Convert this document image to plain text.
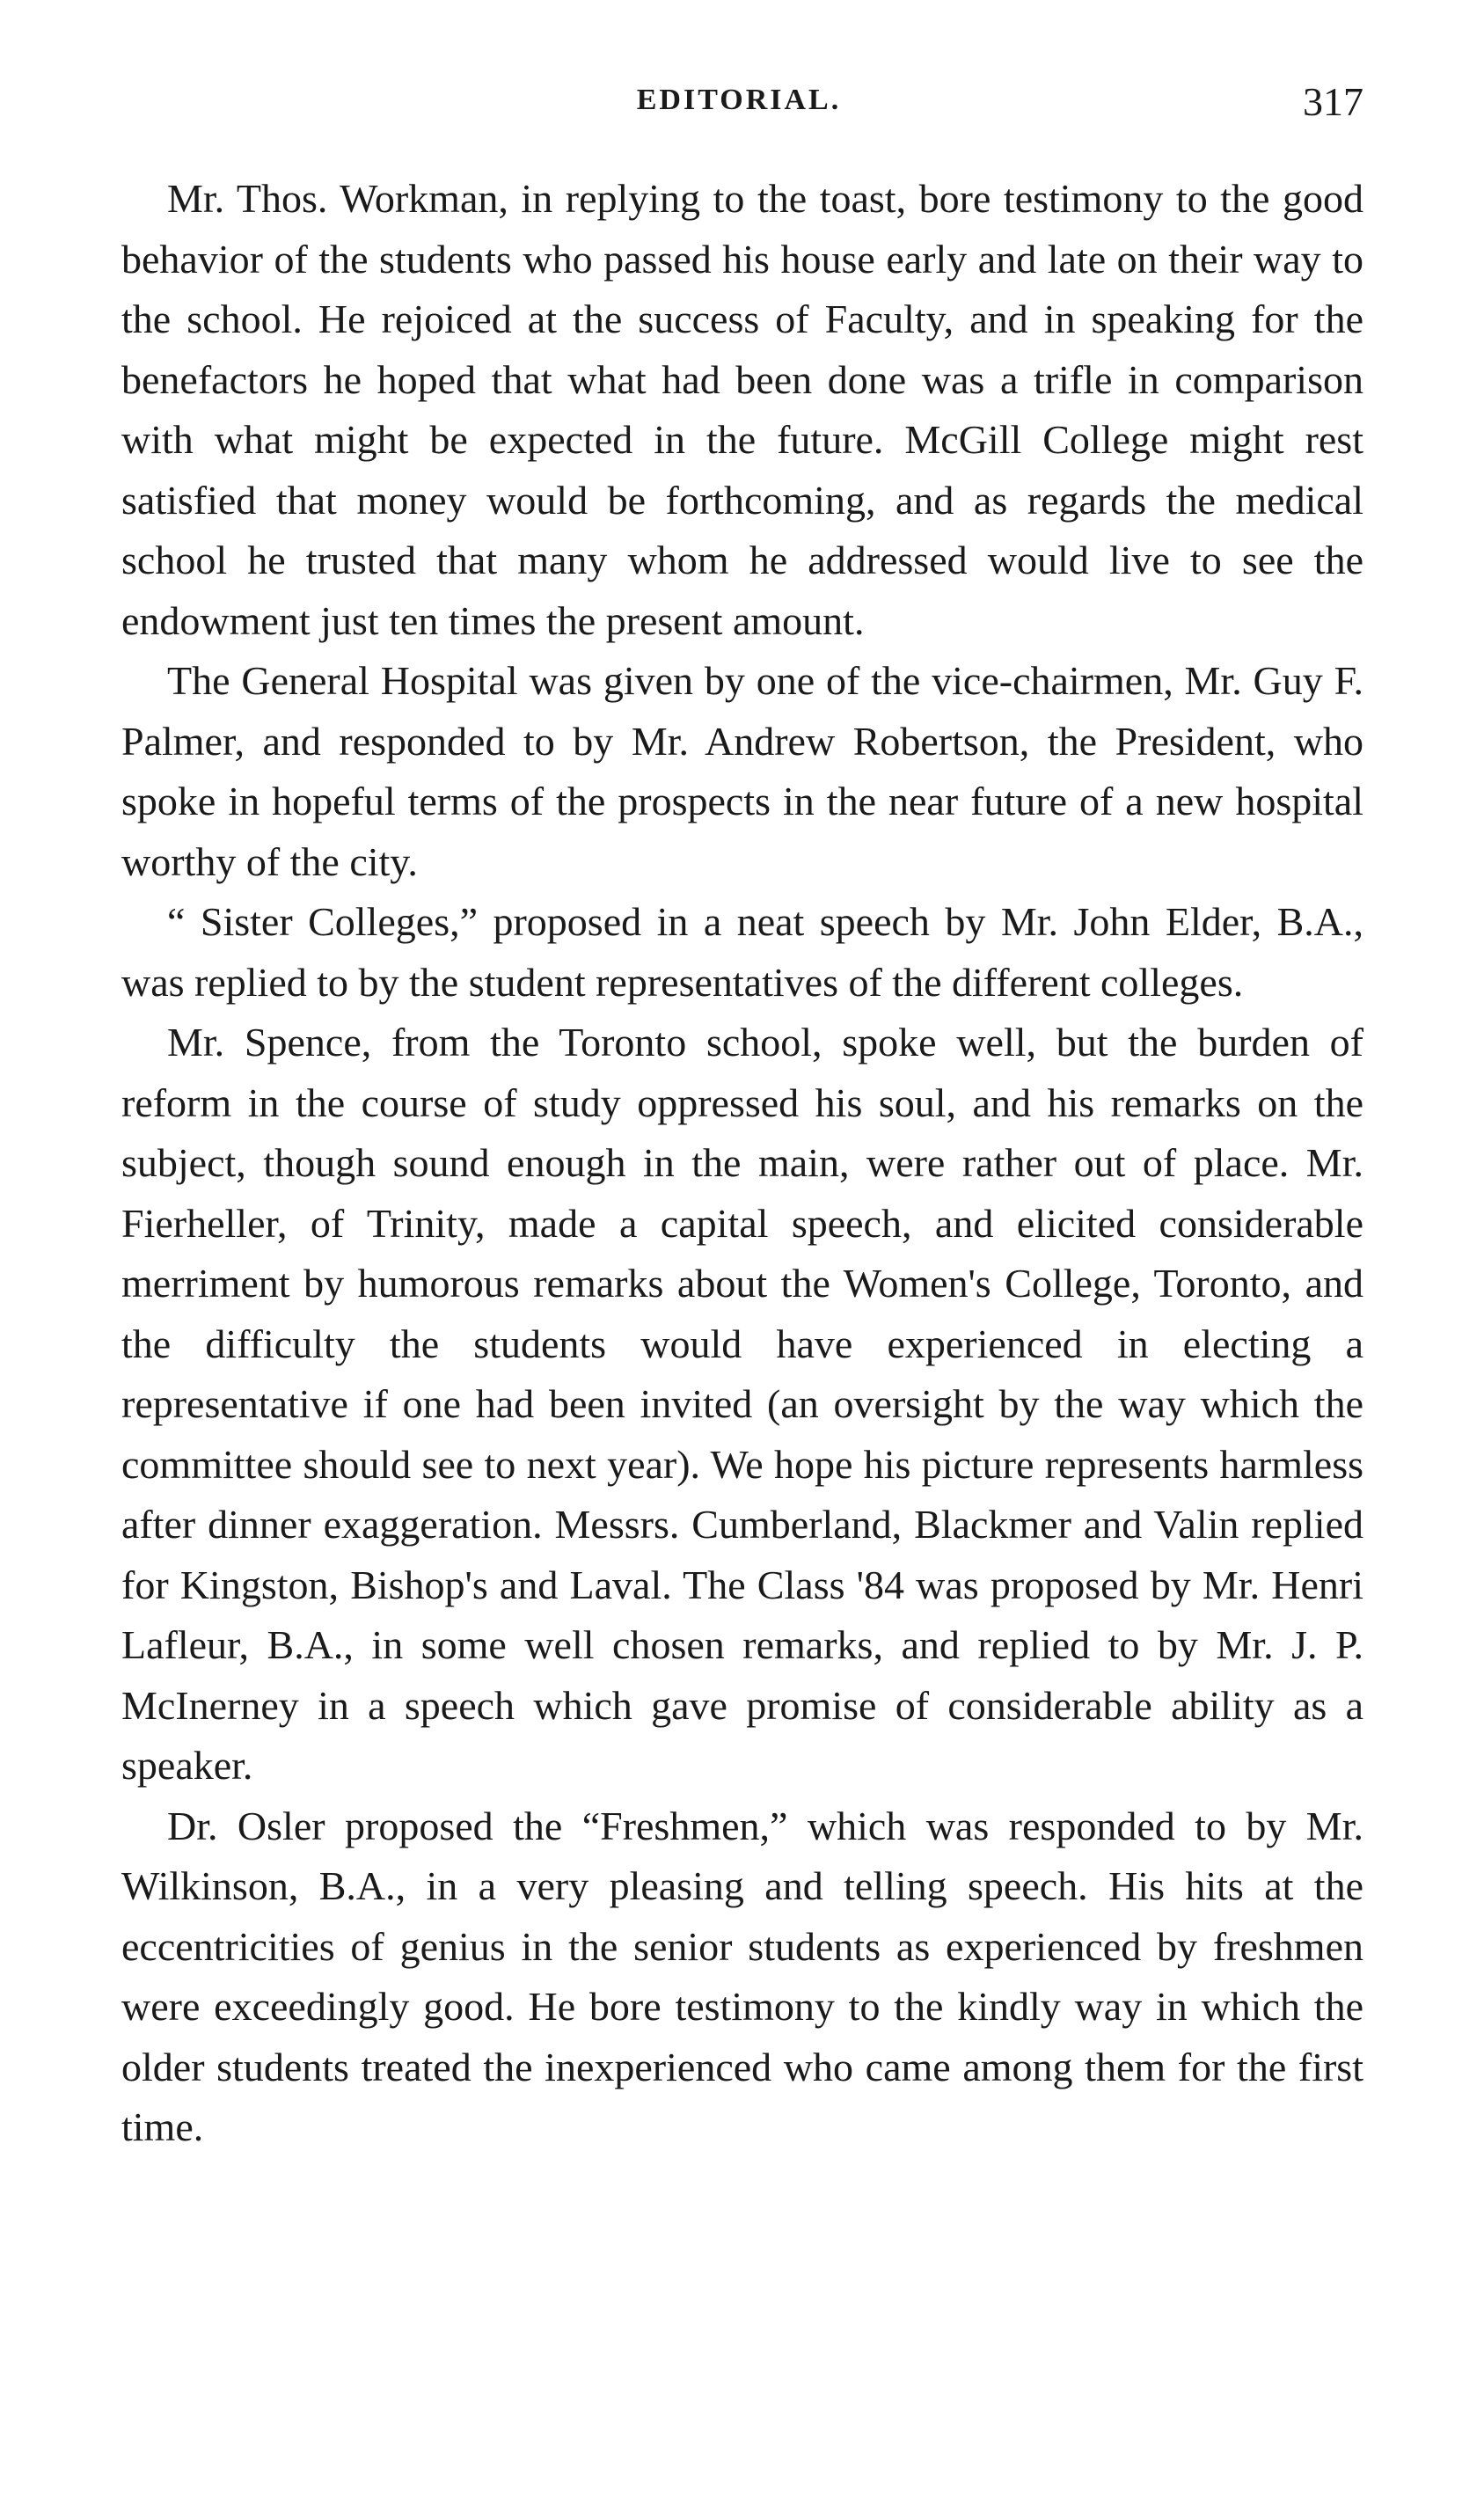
EDITORIAL.	317

Mr. Thos. Workman, in replying to the toast, bore testimony to the good behavior of the students who passed his house early and late on their way to the school. He rejoiced at the success of Faculty, and in speaking for the benefactors he hoped that what had been done was a trifle in comparison with what might be expected in the future. McGill College might rest satisfied that money would be forthcoming, and as regards the medical school he trusted that many whom he addressed would live to see the endowment just ten times the present amount.

The General Hospital was given by one of the vice-chairmen, Mr. Guy F. Palmer, and responded to by Mr. Andrew Robertson, the President, who spoke in hopeful terms of the prospects in the near future of a new hospital worthy of the city.

“ Sister Colleges,” proposed in a neat speech by Mr. John Elder, B.A., was replied to by the student representatives of the different colleges.

Mr. Spence, from the Toronto school, spoke well, but the burden of reform in the course of study oppressed his soul, and his remarks on the subject, though sound enough in the main, were rather out of place. Mr. Fierheller, of Trinity, made a capital speech, and elicited considerable merriment by humorous remarks about the Women's College, Toronto, and the difficulty the students would have experienced in electing a representative if one had been invited (an oversight by the way which the committee should see to next year). We hope his picture represents harmless after dinner exaggeration. Messrs. Cumberland, Blackmer and Valin replied for Kingston, Bishop's and Laval. The Class '84 was proposed by Mr. Henri Lafleur, B.A., in some well chosen remarks, and replied to by Mr. J. P. McInerney in a speech which gave promise of considerable ability as a speaker.

Dr. Osler proposed the “Freshmen,” which was responded to by Mr. Wilkinson, B.A., in a very pleasing and telling speech. His hits at the eccentricities of genius in the senior students as experienced by freshmen were exceedingly good. He bore testimony to the kindly way in which the older students treated the inexperienced who came among them for the first time.
